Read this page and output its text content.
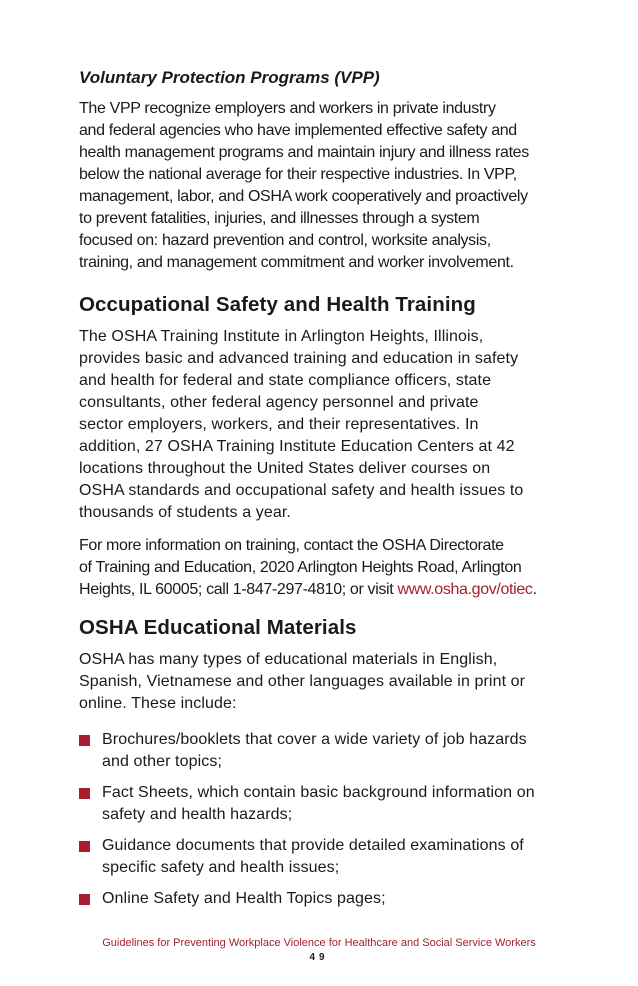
Voluntary Protection Programs (VPP)

The VPP recognize employers and workers in private industry
and federal agencies who have implemented effective safety and
health management programs and maintain injury and illness rates
below the national average for their respective industries. In VPP,
management, labor, and OSHA work cooperatively and proactively
to prevent fatalities, injuries, and illnesses through a system
focused on: hazard prevention and control, worksite analysis,
training, and management commitment and worker involvement.

Occupational Safety and Health Training

The OSHA Training Institute in Arlington Heights, Illinois,
provides basic and advanced training and education in safety
and health for federal and state compliance officers, state
consultants, other federal agency personnel and private
sector employers, workers, and their representatives. In
addition, 27 OSHA Training Institute Education Centers at 42
locations throughout the United States deliver courses on
OSHA standards and occupational safety and health issues to
thousands of students a year.

For more information on training, contact the OSHA Directorate
of Training and Education, 2020 Arlington Heights Road, Arlington
Heights, IL 60005; call 1-847-297-4810; or visit www.osha.gov/otiec.

OSHA Educational Materials

OSHA has many types of educational materials in English,
Spanish, Vietnamese and other languages available in print or
online. These include:

Brochures/booklets that cover a wide variety of job hazards
and other topics;
Fact Sheets, which contain basic background information on
safety and health hazards;
Guidance documents that provide detailed examinations of
specific safety and health issues;
Online Safety and Health Topics pages;
Guidelines for Preventing Workplace Violence for Healthcare and Social Service Workers
49
